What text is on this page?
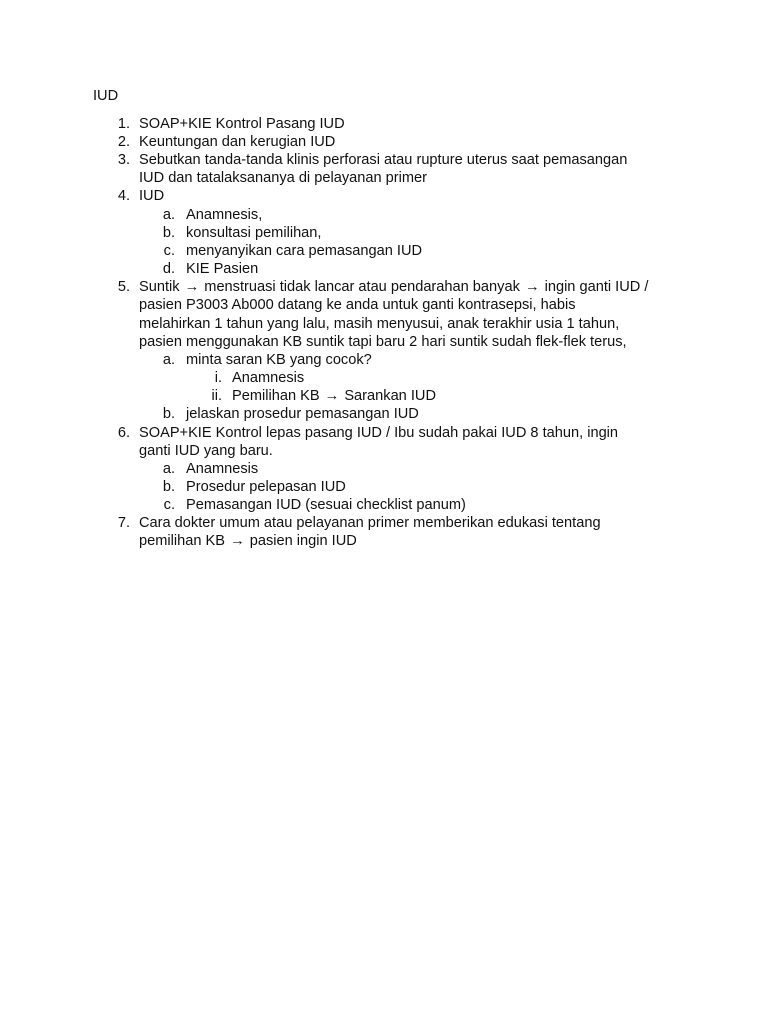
IUD
1. SOAP+KIE Kontrol Pasang IUD
2. Keuntungan dan kerugian IUD
3. Sebutkan tanda-tanda klinis perforasi atau rupture uterus saat pemasangan
IUD dan tatalaksananya di pelayanan primer
4. IUD
a. Anamnesis,
b. konsultasi pemilihan,
c. menyanyikan cara pemasangan IUD
d. KIE Pasien
5. Suntik → menstruasi tidak lancar atau pendarahan banyak → ingin ganti IUD /
pasien P3003 Ab000 datang ke anda untuk ganti kontrasepsi, habis
melahirkan 1 tahun yang lalu, masih menyusui, anak terakhir usia 1 tahun,
pasien menggunakan KB suntik tapi baru 2 hari suntik sudah flek-flek terus,
a. minta saran KB yang cocok?
i. Anamnesis
ii. Pemilihan KB → Sarankan IUD
b. jelaskan prosedur pemasangan IUD
6. SOAP+KIE Kontrol lepas pasang IUD / Ibu sudah pakai IUD 8 tahun, ingin
ganti IUD yang baru.
a. Anamnesis
b. Prosedur pelepasan IUD
c. Pemasangan IUD (sesuai checklist panum)
7. Cara dokter umum atau pelayanan primer memberikan edukasi tentang
pemilihan KB → pasien ingin IUD
